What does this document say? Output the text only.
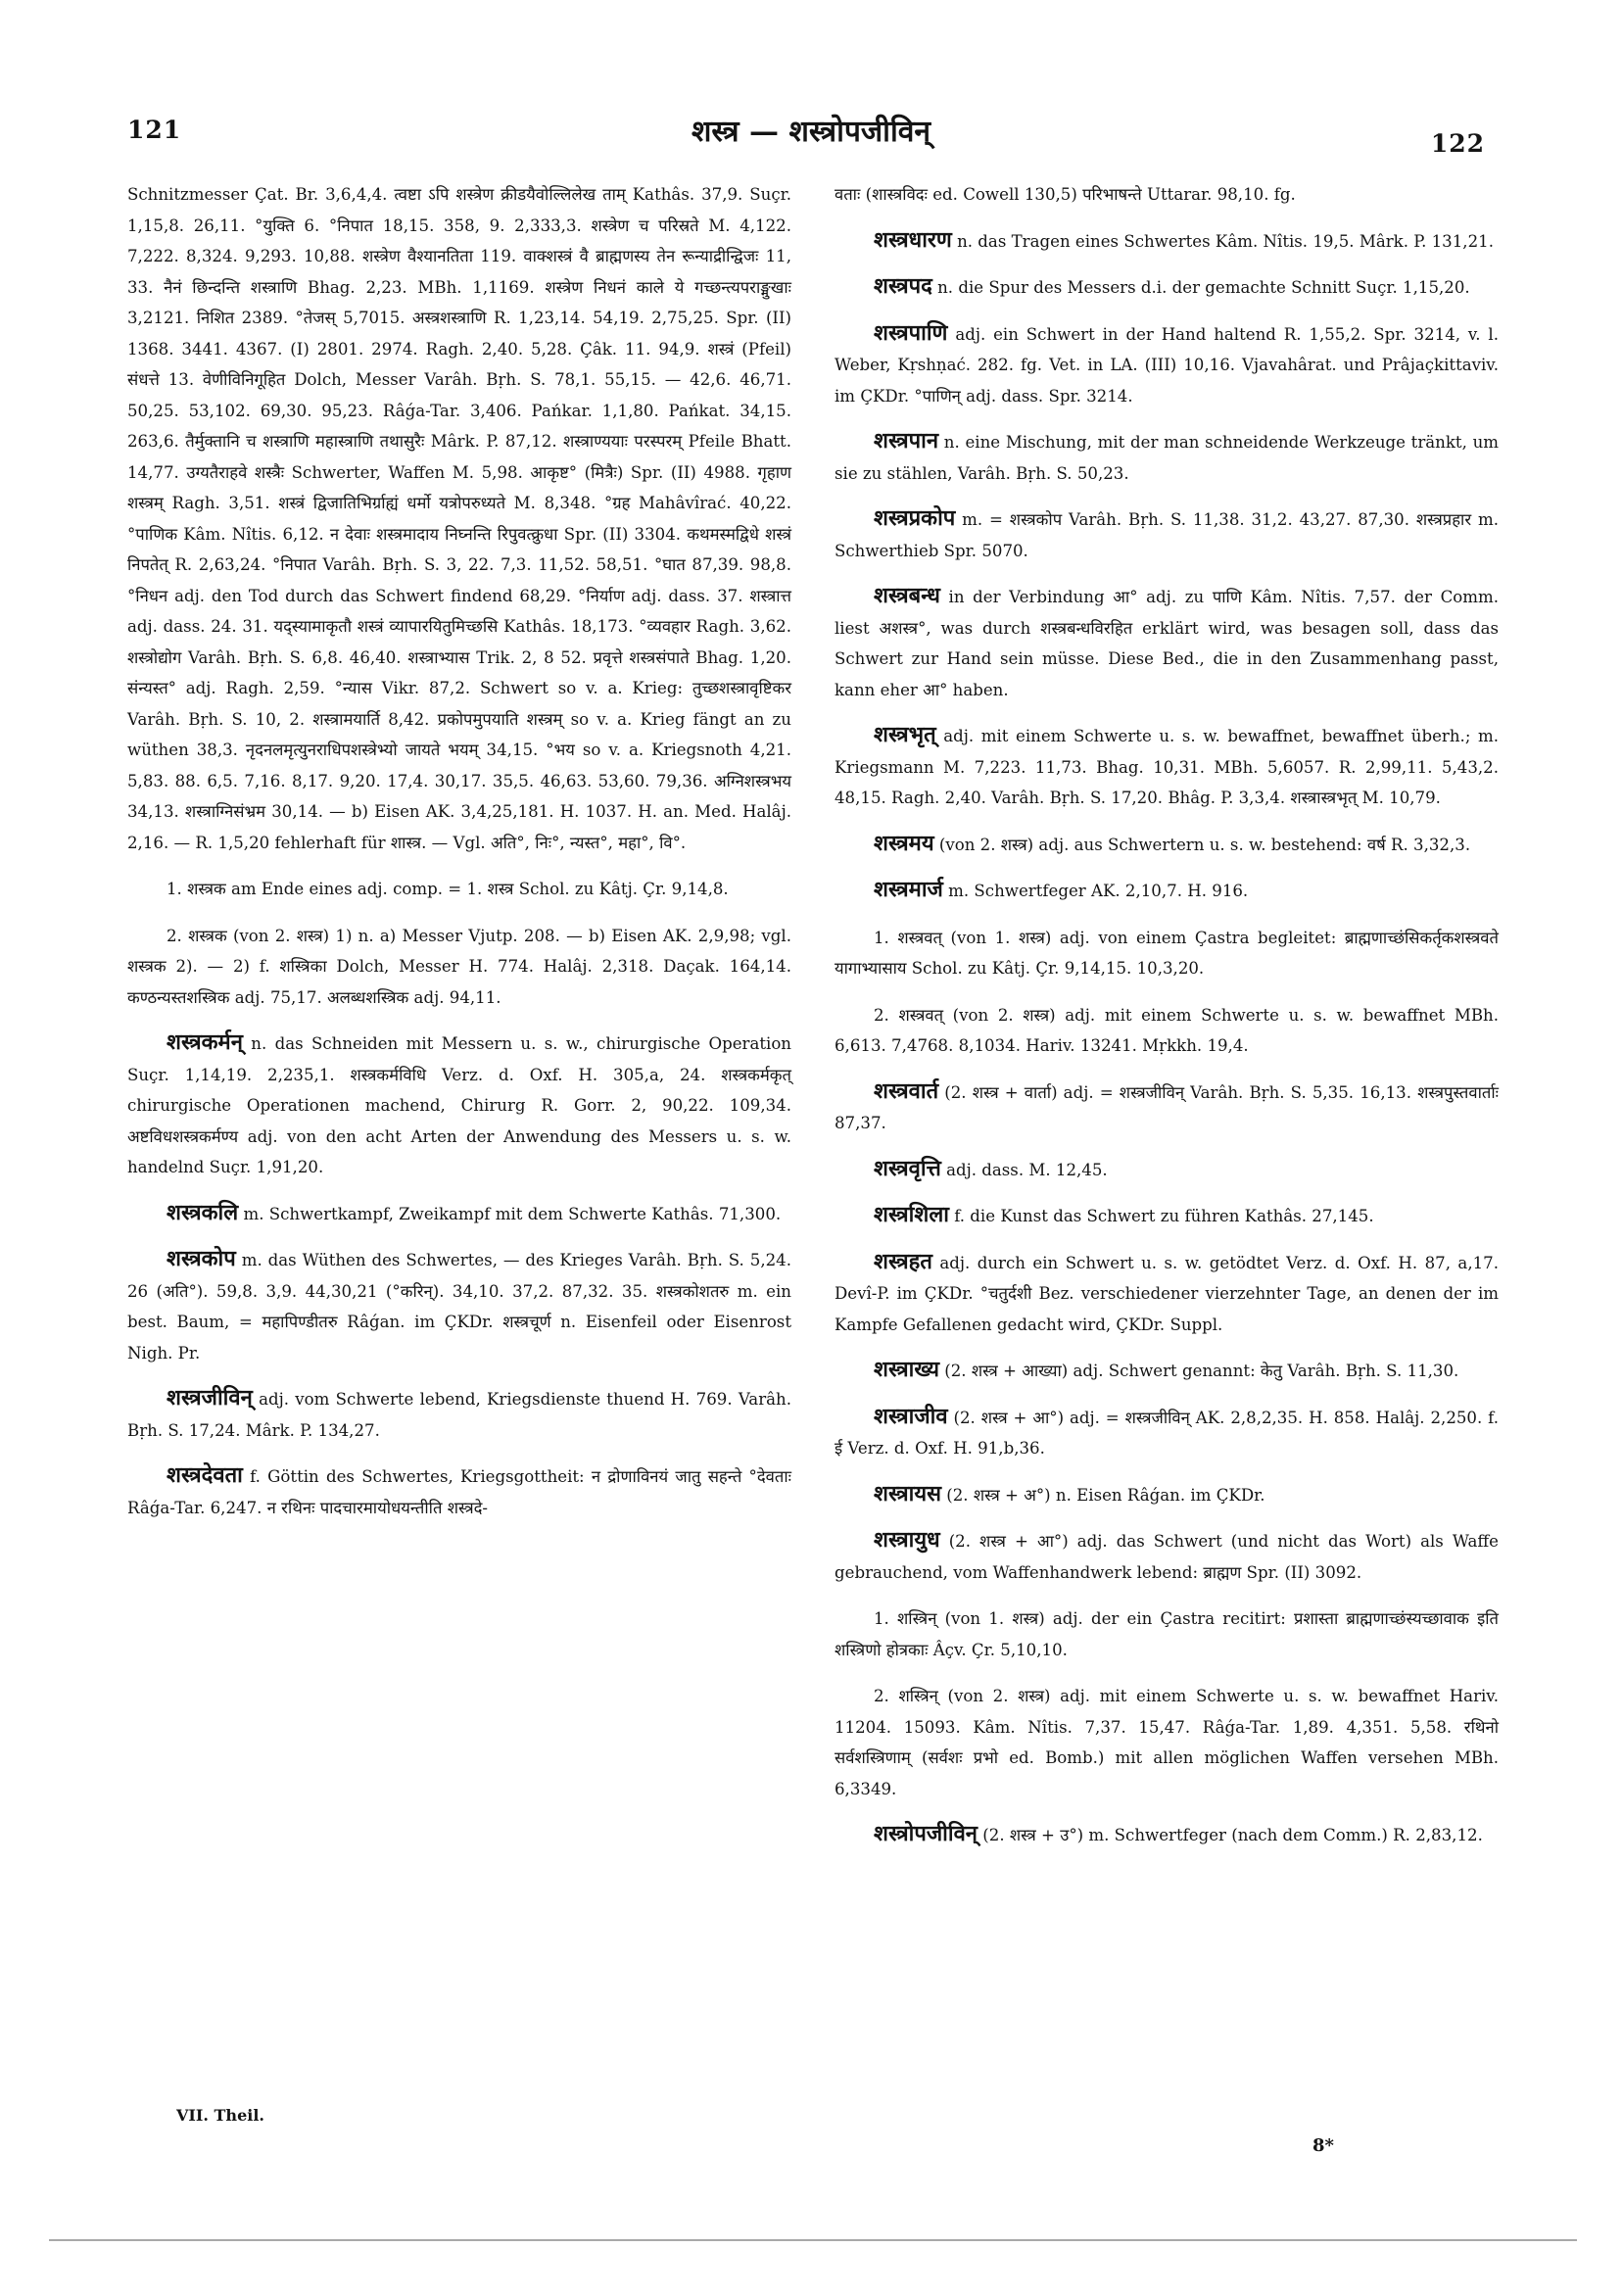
121	शस्त्र — शस्त्रोपजीविन्	122

Schnitzmesser Çat. Br. 3,6,4,4. त्वष्टा ऽपि शस्त्रेण क्रीडयैवोल्लिलेख ताम् Kathâs. 37,9. Suçr. 1,15,8. 26,11. °युक्ति 6. °निपात 18,15. 358, 9. 2,333,3. शस्त्रेण च परिस्रते M. 4,122. 7,222. 8,324. 9,293. 10,88. शस्त्रेण वैश्यानतिता 119. वाक्शस्त्रं वै ब्राह्मणस्य तेन रून्याद्रीन्द्विजः 11, 33. नैनं छिन्दन्ति शस्त्राणि Bhag. 2,23. MBh. 1,1169. शस्त्रेण निधनं काले ये गच्छन्त्यपराङ्मुखाः 3,2121. निशित 2389. °तेजस् 5,7015. अस्त्रशस्त्राणि R. 1,23,14. 54,19. 2,75,25. Spr. (II) 1368. 3441. 4367. (I) 2801. 2974. Ragh. 2,40. 5,28. Çâk. 11. 94,9. शस्त्रं (Pfeil) संधत्ते 13. वेणीविनिगूहित Dolch, Messer Varâh. Bṛh. S. 78,1. 55,15. — 42,6. 46,71. 50,25. 53,102. 69,30. 95,23. Râǵa-Tar. 3,406. Pańkar. 1,1,80. Pańkat. 34,15. 263,6. तैर्मुक्तानि च शस्त्राणि महास्त्राणि तथासुरैः Mârk. P. 87,12. शस्त्राण्ययाः परस्परम् Pfeile Bhatt. 14,77. उग्यतैराहवे शस्त्रैः Schwerter, Waffen M. 5,98. आकृष्ट° (मित्रैः) Spr. (II) 4988. गृहाण शस्त्रम् Ragh. 3,51. शस्त्रं द्विजातिभिर्ग्राह्यं धर्मो यत्रोपरुध्यते M. 8,348. °ग्रह Mahâvîrać. 40,22. °पाणिक Kâm. Nîtis. 6,12. न देवाः शस्त्रमादाय निघ्नन्ति रिपुवत्क्रुधा Spr. (II) 3304. कथमस्मद्विधे शस्त्रं निपतेत् R. 2,63,24. °निपात Varâh. Bṛh. S. 3, 22. 7,3. 11,52. 58,51. °घात 87,39. 98,8. °निधन adj. den Tod durch das Schwert findend 68,29. °निर्याण adj. dass. 37. शस्त्रात्त adj. dass. 24. 31. यद्स्यामाकृतौ शस्त्रं व्यापारयितुमिच्छसि Kathâs. 18,173. °व्यवहार Ragh. 3,62. शस्त्रोद्योग Varâh. Bṛh. S. 6,8. 46,40. शस्त्राभ्यास Trik. 2, 8 52. प्रवृत्ते शस्त्रसंपाते Bhag. 1,20. संन्यस्त° adj. Ragh. 2,59. °न्यास Vikr. 87,2. Schwert so v. a. Krieg: तुच्छशस्त्रावृष्टिकर Varâh. Bṛh. S. 10, 2. शस्त्रामयार्ति 8,42. प्रकोपमुपयाति शस्त्रम् so v. a. Krieg fängt an zu wüthen 38,3. नृदनलमृत्युनराधिपशस्त्रेभ्यो जायते भयम् 34,15. °भय so v. a. Kriegsnoth 4,21. 5,83. 88. 6,5. 7,16. 8,17. 9,20. 17,4. 30,17. 35,5. 46,63. 53,60. 79,36. अग्निशस्त्रभय 34,13. शस्त्राग्निसंभ्रम 30,14. — b) Eisen AK. 3,4,25,181. H. 1037. H. an. Med. Halâj. 2,16. — R. 1,5,20 fehlerhaft für शास्त्र. — Vgl. अति°, निः°, न्यस्त°, महा°, वि°.

1. शस्त्रक am Ende eines adj. comp. = 1. शस्त्र Schol. zu Kâtj. Çr. 9,14,8.

2. शस्त्रक (von 2. शस्त्र) 1) n. a) Messer Vjutp. 208. — b) Eisen AK. 2,9,98; vgl. शस्त्रक 2). — 2) f. शस्त्रिका Dolch, Messer H. 774. Halâj. 2,318. Daçak. 164,14. कण्ठन्यस्तशस्त्रिक adj. 75,17. अलब्धशस्त्रिक adj. 94,11.

शस्त्रकर्मन् n. das Schneiden mit Messern u. s. w., chirurgische Operation Suçr. 1,14,19. 2,235,1. शस्त्रकर्मविधि Verz. d. Oxf. H. 305,a, 24. शस्त्रकर्मकृत् chirurgische Operationen machend, Chirurg R. Gorr. 2, 90,22. 109,34. अष्टविधशस्त्रकर्मण्य adj. von den acht Arten der Anwendung des Messers u. s. w. handelnd Suçr. 1,91,20.

शस्त्रकलि m. Schwertkampf, Zweikampf mit dem Schwerte Kathâs. 71,300.

शस्त्रकोप m. das Wüthen des Schwertes, — des Krieges Varâh. Bṛh. S. 5,24. 26 (अति°). 59,8. 3,9. 44,30,21 (°करिन्). 34,10. 37,2. 87,32. 35. शस्त्रकोशतरु m. ein best. Baum, = महापिण्डीतरु Râǵan. im ÇKDr. शस्त्रचूर्ण n. Eisenfeil oder Eisenrost Nigh. Pr.

शस्त्रजीविन् adj. vom Schwerte lebend, Kriegsdienste thuend H. 769. Varâh. Bṛh. S. 17,24. Mârk. P. 134,27.

शस्त्रदेवता f. Göttin des Schwertes, Kriegsgottheit: न द्रोणाविनयं जातु सहन्ते °देवताः Râǵa-Tar. 6,247. न रथिनः पादचारमायोधयन्तीति शस्त्रदे-

वताः (शास्त्रविदः ed. Cowell 130,5) परिभाषन्ते Uttarar. 98,10. fg.

शस्त्रधारण n. das Tragen eines Schwertes Kâm. Nîtis. 19,5. Mârk. P. 131,21.

शस्त्रपद n. die Spur des Messers d.i. der gemachte Schnitt Suçr. 1,15,20.

शस्त्रपाणि adj. ein Schwert in der Hand haltend R. 1,55,2. Spr. 3214, v. l. Weber, Kṛshṇać. 282. fg. Vet. in LA. (III) 10,16. Vjavahârat. und Prâjaçkittaviv. im ÇKDr. °पाणिन् adj. dass. Spr. 3214.

शस्त्रपान n. eine Mischung, mit der man schneidende Werkzeuge tränkt, um sie zu stählen, Varâh. Bṛh. S. 50,23.

शस्त्रप्रकोप m. = शस्त्रकोप Varâh. Bṛh. S. 11,38. 31,2. 43,27. 87,30. शस्त्रप्रहार m. Schwerthieb Spr. 5070.

शस्त्रबन्ध in der Verbindung आ° adj. zu पाणि Kâm. Nîtis. 7,57. der Comm. liest अशस्त्र°, was durch शस्त्रबन्धविरहित erklärt wird, was besagen soll, dass das Schwert zur Hand sein müsse. Diese Bed., die in den Zusammenhang passt, kann eher आ° haben.

शस्त्रभृत् adj. mit einem Schwerte u. s. w. bewaffnet, bewaffnet überh.; m. Kriegsmann M. 7,223. 11,73. Bhag. 10,31. MBh. 5,6057. R. 2,99,11. 5,43,2. 48,15. Ragh. 2,40. Varâh. Bṛh. S. 17,20. Bhâg. P. 3,3,4. शस्त्रास्त्रभृत् M. 10,79.

शस्त्रमय (von 2. शस्त्र) adj. aus Schwertern u. s. w. bestehend: वर्ष R. 3,32,3.

शस्त्रमार्ज m. Schwertfeger AK. 2,10,7. H. 916.

1. शस्त्रवत् (von 1. शस्त्र) adj. von einem Çastra begleitet: ब्राह्मणाच्छंसिकर्तृकशस्त्रवते यागाभ्यासाय Schol. zu Kâtj. Çr. 9,14,15. 10,3,20.

2. शस्त्रवत् (von 2. शस्त्र) adj. mit einem Schwerte u. s. w. bewaffnet MBh. 6,613. 7,4768. 8,1034. Hariv. 13241. Mṛkkh. 19,4.

शस्त्रवार्त (2. शस्त्र + वार्ता) adj. = शस्त्रजीविन् Varâh. Bṛh. S. 5,35. 16,13. शस्त्रपुस्तवार्ताः 87,37.

शस्त्रवृत्ति adj. dass. M. 12,45.

शस्त्रशिला f. die Kunst das Schwert zu führen Kathâs. 27,145.

शस्त्रहत adj. durch ein Schwert u. s. w. getödtet Verz. d. Oxf. H. 87, a,17. Devî-P. im ÇKDr. °चतुर्दशी Bez. verschiedener vierzehnter Tage, an denen der im Kampfe Gefallenen gedacht wird, ÇKDr. Suppl.

शस्त्राख्य (2. शस्त्र + आख्या) adj. Schwert genannt: केतु Varâh. Bṛh. S. 11,30.

शस्त्राजीव (2. शस्त्र + आ°) adj. = शस्त्रजीविन् AK. 2,8,2,35. H. 858. Halâj. 2,250. f. ई Verz. d. Oxf. H. 91,b,36.

शस्त्रायस (2. शस्त्र + अ°) n. Eisen Râǵan. im ÇKDr.

शस्त्रायुध (2. शस्त्र + आ°) adj. das Schwert (und nicht das Wort) als Waffe gebrauchend, vom Waffenhandwerk lebend: ब्राह्मण Spr. (II) 3092.

1. शस्त्रिन् (von 1. शस्त्र) adj. der ein Çastra recitirt: प्रशास्ता ब्राह्मणाच्छंस्यच्छावाक इति शस्त्रिणो होत्रकाः Âçv. Çr. 5,10,10.

2. शस्त्रिन् (von 2. शस्त्र) adj. mit einem Schwerte u. s. w. bewaffnet Hariv. 11204. 15093. Kâm. Nîtis. 7,37. 15,47. Râǵa-Tar. 1,89. 4,351. 5,58. रथिनो सर्वशस्त्रिणाम् (सर्वशः प्रभो ed. Bomb.) mit allen möglichen Waffen versehen MBh. 6,3349.

शस्त्रोपजीविन् (2. शस्त्र + उ°) m. Schwertfeger (nach dem Comm.) R. 2,83,12.

VII. Theil.
8*
